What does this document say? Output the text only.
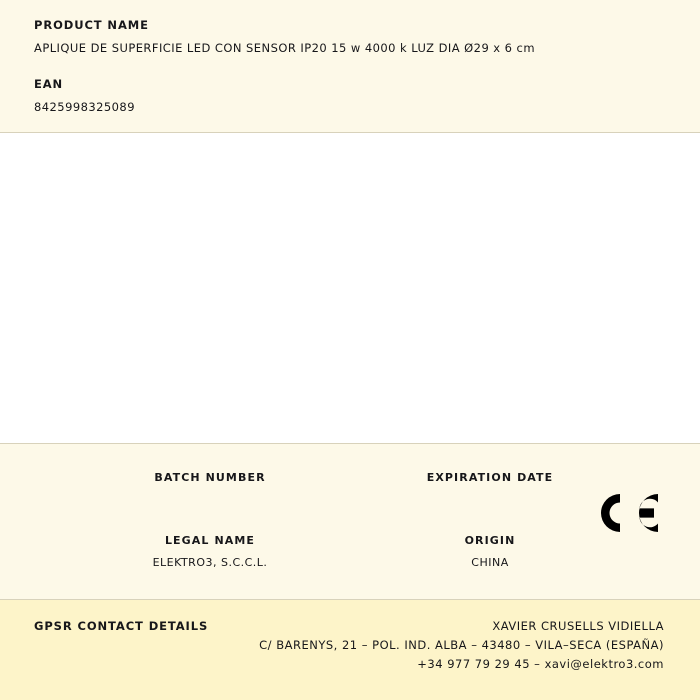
PRODUCT NAME
APLIQUE DE SUPERFICIE LED CON SENSOR IP20 15 w 4000 k LUZ DIA Ø29 x 6 cm
EAN
8425998325089
BATCH NUMBER	EXPIRATION DATE
LEGAL NAME
ELEKTRO3, S.C.C.L.
ORIGIN
CHINA
GPSR CONTACT DETAILS	XAVIER CRUSELLS VIDIELLA
C/ BARENYS, 21 – POL. IND. ALBA – 43480 – VILA–SECA (ESPAÑA)
+34 977 79 29 45 – xavi@elektro3.com
